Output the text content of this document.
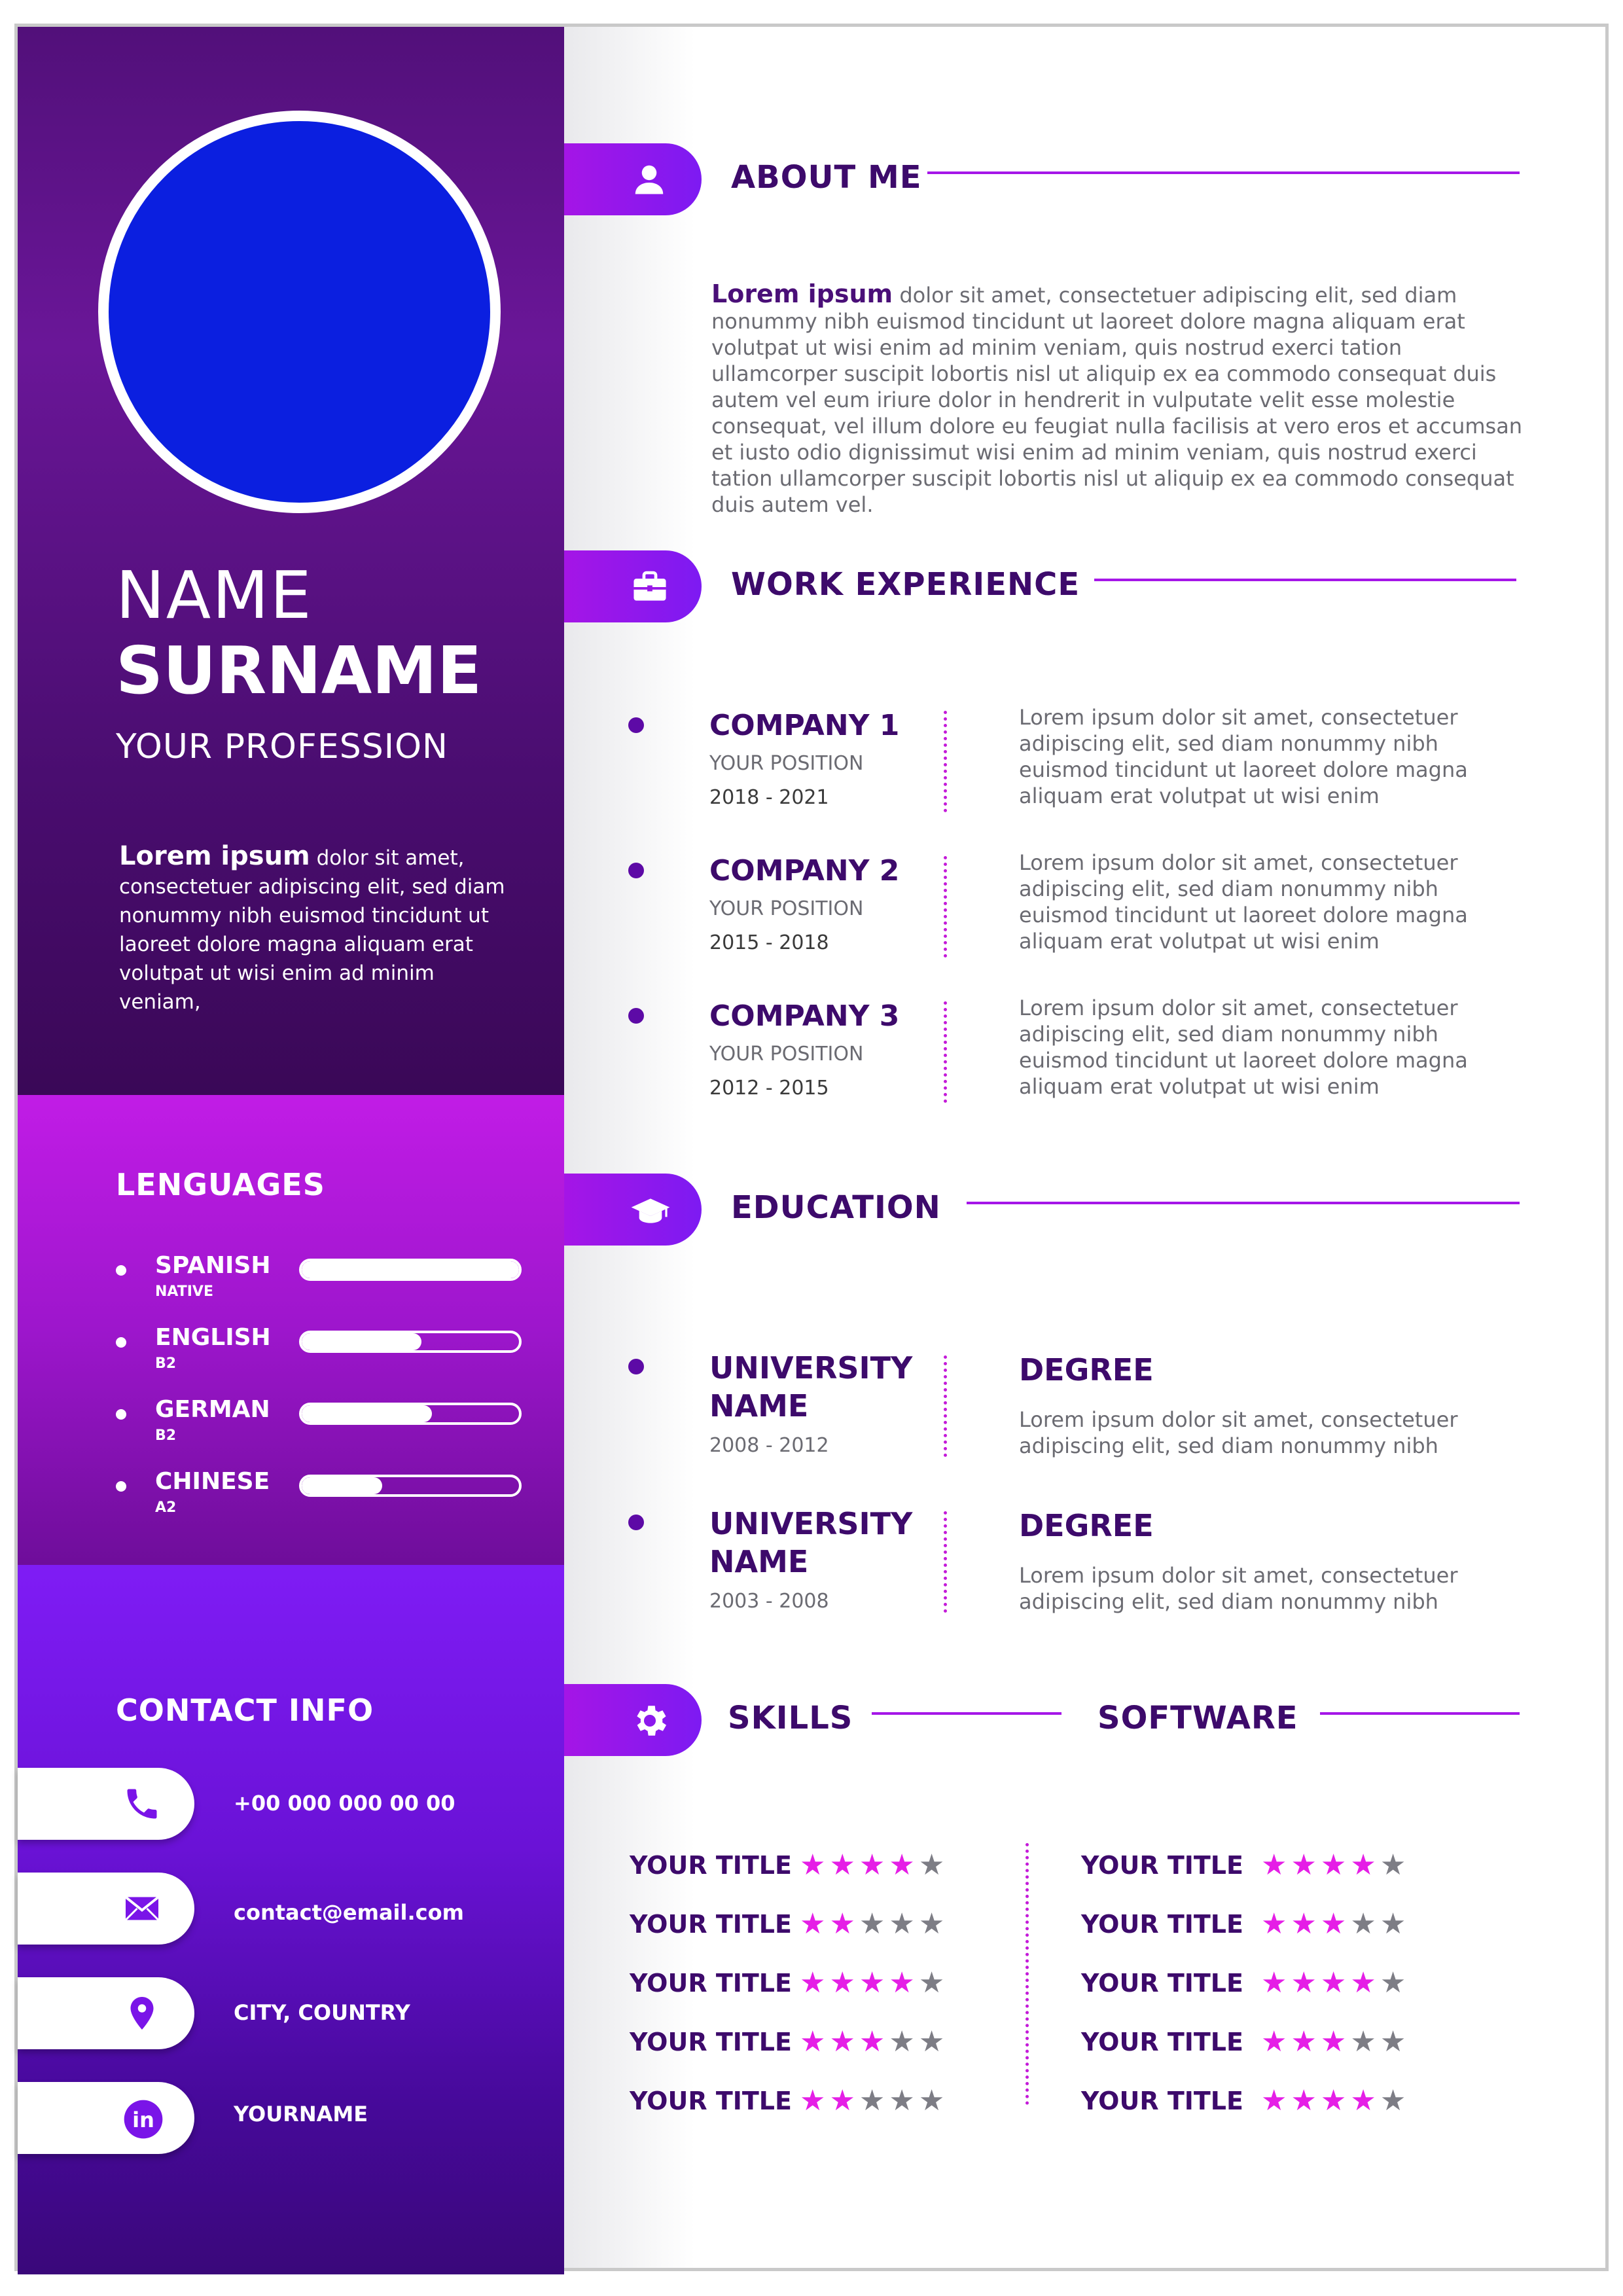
NAME
SURNAME
YOUR PROFESSION
Lorem ipsum dolor sit amet, consectetuer adipiscing elit, sed diam nonummy nibh euismod tincidunt ut laoreet dolore magna aliquam erat volutpat ut wisi enim ad minim veniam,
LENGUAGES
SPANISH
NATIVE
ENGLISH
B2
GERMAN
B2
CHINESE
A2
CONTACT INFO
+00 000 000 00 00
contact@email.com
CITY, COUNTRY
in	YOURNAME
ABOUT ME
Lorem ipsum dolor sit amet, consectetuer adipiscing elit, sed diam nonummy nibh euismod tincidunt ut laoreet dolore magna aliquam erat volutpat ut wisi enim ad minim veniam, quis nostrud exerci tation ullamcorper suscipit lobortis nisl ut aliquip ex ea commodo consequat duis autem vel eum iriure dolor in hendrerit in vulputate velit esse molestie consequat, vel illum dolore eu feugiat nulla facilisis at vero eros et accumsan et iusto odio dignissimut wisi enim ad minim veniam, quis nostrud exerci tation ullamcorper suscipit lobortis nisl ut aliquip ex ea commodo consequat duis autem vel.
WORK EXPERIENCE
COMPANY 1
YOUR POSITION
2018 - 2021
Lorem ipsum dolor sit amet, consectetuer adipiscing elit, sed diam nonummy nibh euismod tincidunt ut laoreet dolore magna aliquam erat volutpat ut wisi enim
COMPANY 2
YOUR POSITION
2015 - 2018
Lorem ipsum dolor sit amet, consectetuer adipiscing elit, sed diam nonummy nibh euismod tincidunt ut laoreet dolore magna aliquam erat volutpat ut wisi enim
COMPANY 3
YOUR POSITION
2012 - 2015
Lorem ipsum dolor sit amet, consectetuer adipiscing elit, sed diam nonummy nibh euismod tincidunt ut laoreet dolore magna aliquam erat volutpat ut wisi enim
EDUCATION
UNIVERSITY NAME
2008 - 2012
DEGREE
Lorem ipsum dolor sit amet, consectetuer adipiscing elit, sed diam nonummy nibh
UNIVERSITY NAME
2003 - 2008
DEGREE
Lorem ipsum dolor sit amet, consectetuer adipiscing elit, sed diam nonummy nibh
SKILLS	SOFTWARE
YOUR TITLE ★★★★★
YOUR TITLE ★★★★★
YOUR TITLE ★★★★★
YOUR TITLE ★★★★★
YOUR TITLE ★★★★★
YOUR TITLE ★★★★★
YOUR TITLE ★★★★★
YOUR TITLE ★★★★★
YOUR TITLE ★★★★★
YOUR TITLE ★★★★★
